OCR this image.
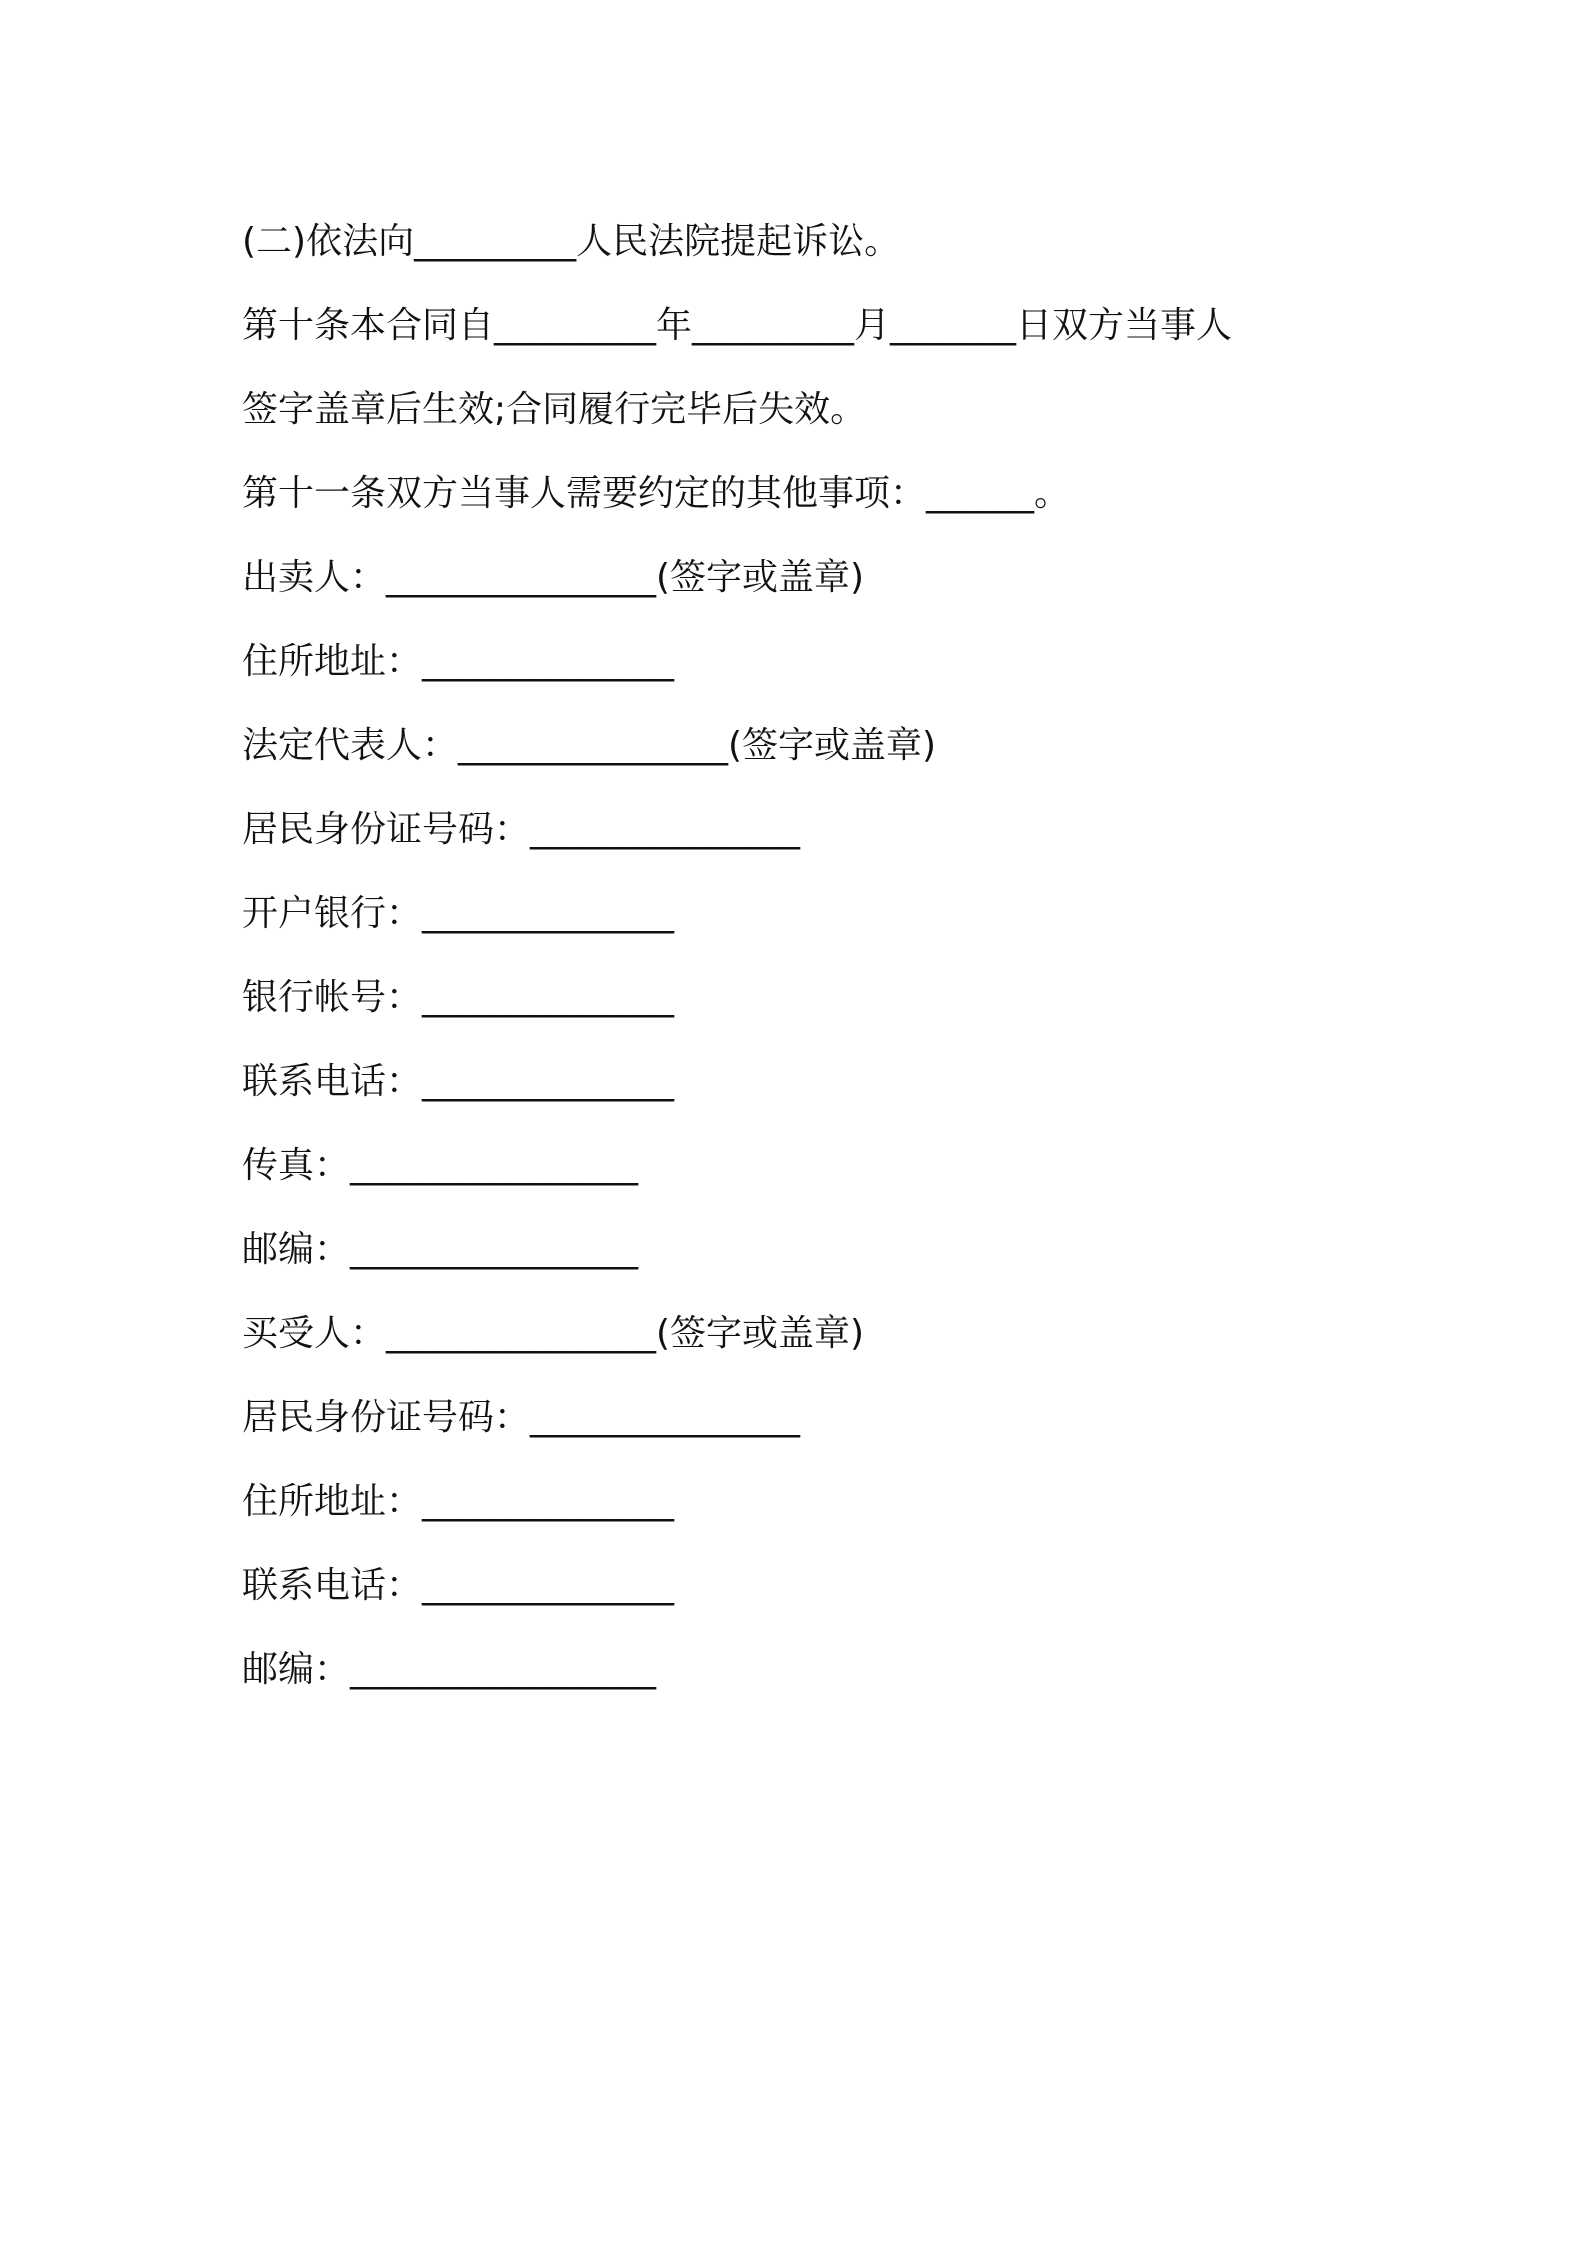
(二)依法向_________人民法院提起诉讼。
第十条本合同自_________年_________月_______日双方当事人
签字盖章后生效;合同履行完毕后失效。
第十一条双方当事人需要约定的其他事项：______。
出卖人：_______________(签字或盖章)
住所地址：______________
法定代表人：_______________(签字或盖章)
居民身份证号码：_______________
开户银行：______________
银行帐号：______________
联系电话：______________
传真：________________
邮编：________________
买受人：_______________(签字或盖章)
居民身份证号码：_______________
住所地址：______________
联系电话：______________
邮编：_________________
